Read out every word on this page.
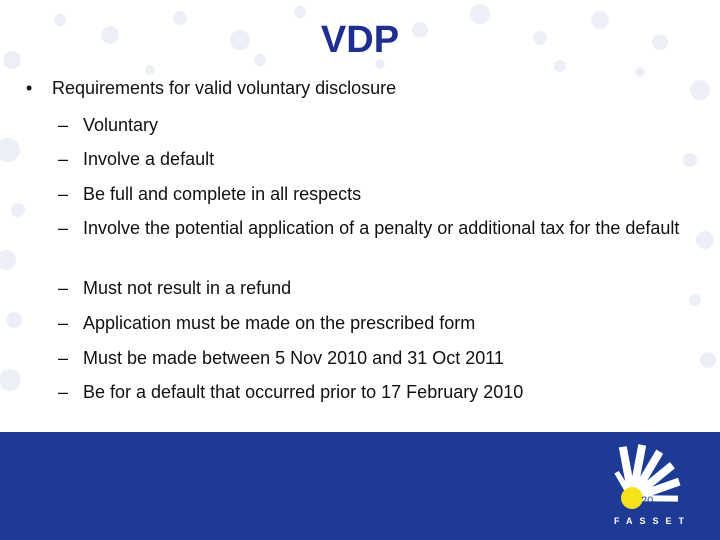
VDP
• Requirements for valid voluntary disclosure
– Voluntary
– Involve a default
– Be full and complete in all respects
– Involve the potential application of a penalty or additional tax for the default
– Must not result in a refund
– Application must be made on the prescribed form
– Must be made between 5 Nov 2010 and 31 Oct 2011
– Be for a default that occurred prior to 17 February 2010
20
FASSET
